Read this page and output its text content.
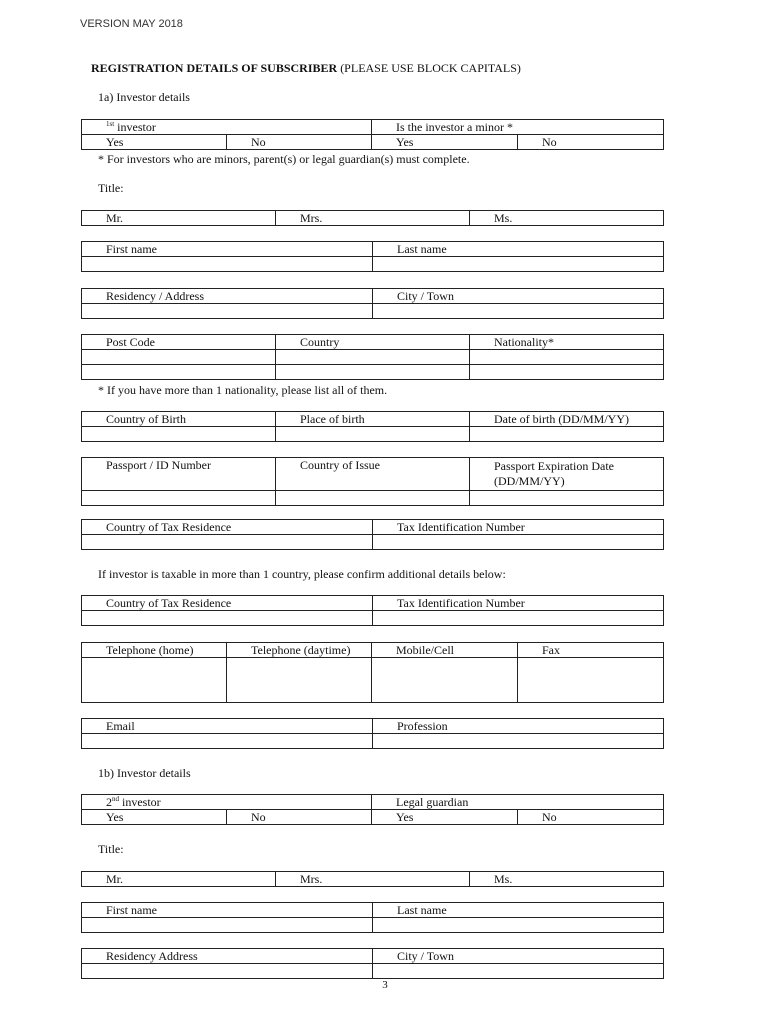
VERSION MAY 2018
REGISTRATION DETAILS OF SUBSCRIBER (PLEASE USE BLOCK CAPITALS)
1a) Investor details
$^{1st}$ investor		Is the investor a minor *	
Yes	No	Yes	No
* For investors who are minors, parent(s) or legal guardian(s) must complete.
Title:
Mr.	Mrs.	Ms.
First name	Last name

Residency / Address	City / Town

Post Code	Country	Nationality*

* If you have more than 1 nationality, please list all of them.
Country of Birth	Place of birth	Date of birth (DD/MM/YY)

Passport / ID Number	Country of Issue	Passport Expiration Date (DD/MM/YY)

Country of Tax Residence	Tax Identification Number

If investor is taxable in more than 1 country, please confirm additional details below:
Country of Tax Residence	Tax Identification Number

Telephone (home)	Telephone (daytime)	Mobile/Cell	Fax

Email	Profession

1b) Investor details
2nd investor		Legal guardian	
Yes	No	Yes	No
Title:
Mr.	Mrs.	Ms.
First name	Last name

Residency Address	City / Town

3
